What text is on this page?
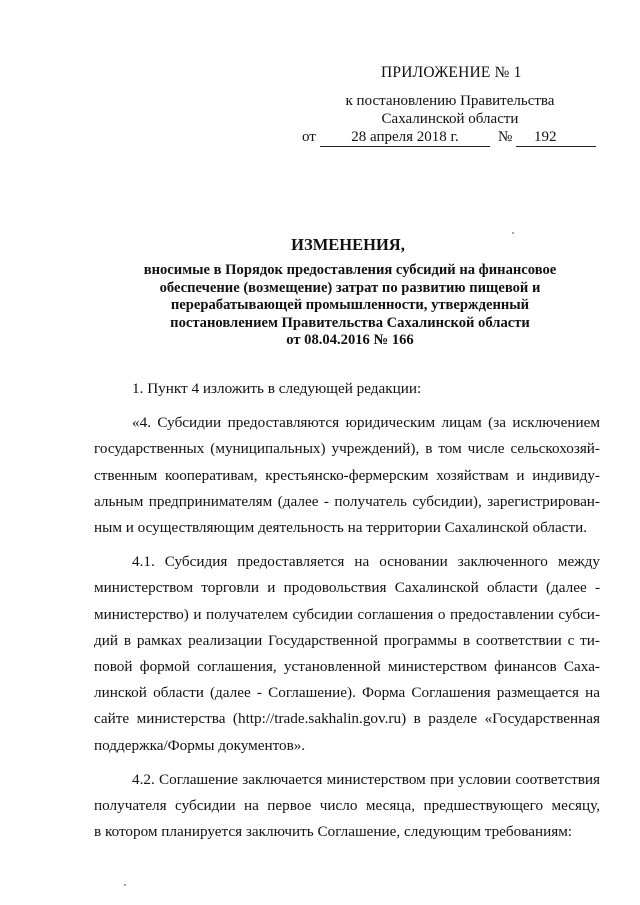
ПРИЛОЖЕНИЕ № 1
к постановлению Правительства
Сахалинской области
от	28 апреля 2018 г.	№ 192
ИЗМЕНЕНИЯ,
вносимые в Порядок предоставления субсидий на финансовое
обеспечение (возмещение) затрат по развитию пищевой и
перерабатывающей промышленности, утвержденный
постановлением Правительства Сахалинской области
от 08.04.2016 № 166
1. Пункт 4 изложить в следующей редакции:
«4. Субсидии предоставляются юридическим лицам (за исключением
государственных (муниципальных) учреждений), в том числе сельскохозяй-
ственным кооперативам, крестьянско-фермерским хозяйствам и индивиду-
альным предпринимателям (далее - получатель субсидии), зарегистрирован-
ным и осуществляющим деятельность на территории Сахалинской области.
4.1. Субсидия предоставляется на основании заключенного между
министерством торговли и продовольствия Сахалинской области (далее -
министерство) и получателем субсидии соглашения о предоставлении субси-
дий в рамках реализации Государственной программы в соответствии с ти-
повой формой соглашения, установленной министерством финансов Саха-
линской области (далее - Соглашение). Форма Соглашения размещается на
сайте министерства (http://trade.sakhalin.gov.ru) в разделе «Государственная
поддержка/Формы документов».
4.2. Соглашение заключается министерством при условии соответствия
получателя субсидии на первое число месяца, предшествующего месяцу,
в котором планируется заключить Соглашение, следующим требованиям:
